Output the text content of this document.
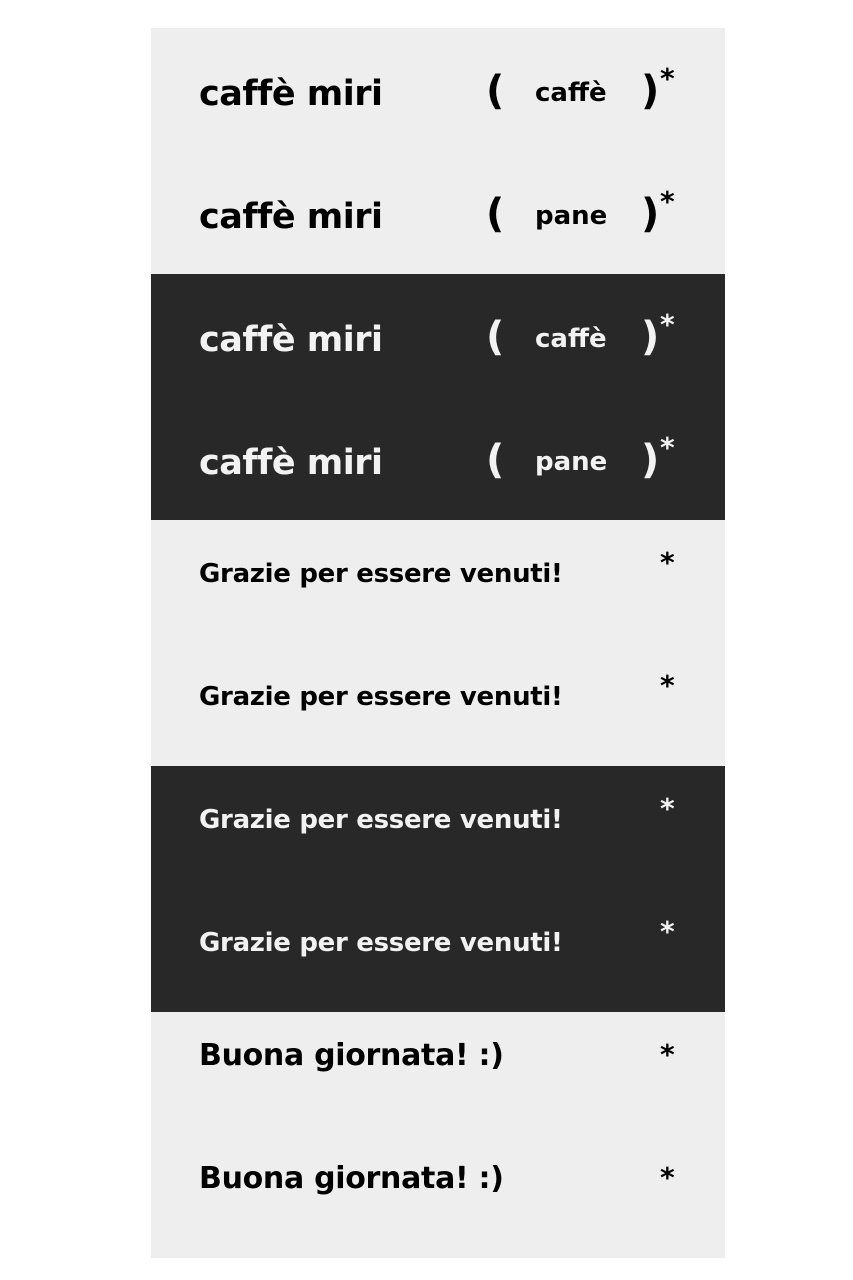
caffè miri	( caffè ) *
caffè miri	( pane ) *
caffè miri	( caffè ) *
caffè miri	( pane ) *
Grazie per essere venuti!	*
Grazie per essere venuti!	*
Grazie per essere venuti!	*
Grazie per essere venuti!	*
Buona giornata! :)	*
Buona giornata! :)	*
